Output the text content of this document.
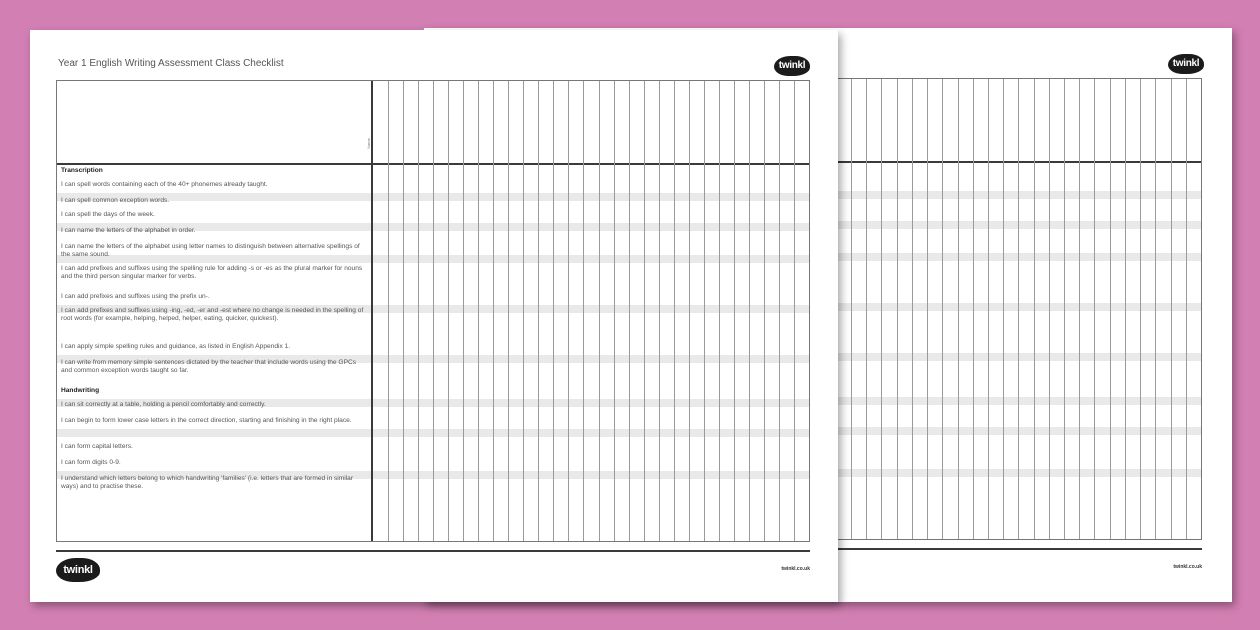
twinkl
twinkl.co.uk
Year 1 English Writing Assessment Class Checklist	twinkl
Name
Transcription
I can spell words containing each of the 40+ phonemes already taught.
I can spell common exception words.
I can spell the days of the week.
I can name the letters of the alphabet in order.
I can name the letters of the alphabet using letter names to distinguish between alternative spellings of the same sound.
I can add prefixes and suffixes using the spelling rule for adding -s or -es as the plural marker for nouns and the third person singular marker for verbs.
I can add prefixes and suffixes using the prefix un-.
I can add prefixes and suffixes using -ing, -ed, -er and -est where no change is needed in the spelling of root words (for example, helping, helped, helper, eating, quicker, quickest).
I can apply simple spelling rules and guidance, as listed in English Appendix 1.
I can write from memory simple sentences dictated by the teacher that include words using the GPCs and common exception words taught so far.
Handwriting
I can sit correctly at a table, holding a pencil comfortably and correctly.
I can begin to form lower case letters in the correct direction, starting and finishing in the right place.
I can form capital letters.
I can form digits 0-9.
I understand which letters belong to which handwriting 'families' (i.e. letters that are formed in similar ways) and to practise these.
twinkl	twinkl.co.uk
